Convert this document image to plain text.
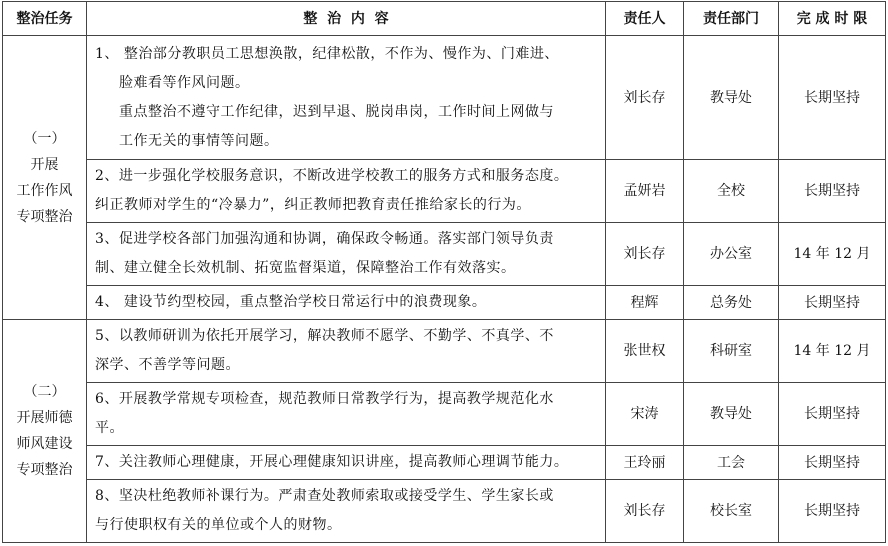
整治任务	整  治  内  容	责任人	责任部门	完 成 时 限

（一）
开展
工作作风
专项整治	1、 整治部分教职员工思想涣散，纪律松散，不作为、慢作为、门难进、
脸难看等作风问题。
重点整治不遵守工作纪律，迟到早退、脱岗串岗，工作时间上网做与
工作无关的事情等问题。	刘长存	教导处	长期坚持

	2、进一步强化学校服务意识，不断改进学校教工的服务方式和服务态度。
纠正教师对学生的“冷暴力”，纠正教师把教育责任推给家长的行为。	孟妍岩	全校	长期坚持

	3、促进学校各部门加强沟通和协调，确保政令畅通。落实部门领导负责
制、建立健全长效机制、拓宽监督渠道，保障整治工作有效落实。	刘长存	办公室	14 年 12 月

	4、 建设节约型校园，重点整治学校日常运行中的浪费现象。	程辉	总务处	长期坚持

（二）
开展师德
师风建设
专项整治	5、以教师研训为依托开展学习，解决教师不愿学、不勤学、不真学、不
深学、不善学等问题。	张世权	科研室	14 年 12 月

	6、开展教学常规专项检查，规范教师日常教学行为，提高教学规范化水
平。	宋涛	教导处	长期坚持

	7、关注教师心理健康，开展心理健康知识讲座，提高教师心理调节能力。	王玲丽	工会	长期坚持

	8、坚决杜绝教师补课行为。严肃查处教师索取或接受学生、学生家长或
与行使职权有关的单位或个人的财物。	刘长存	校长室	长期坚持
